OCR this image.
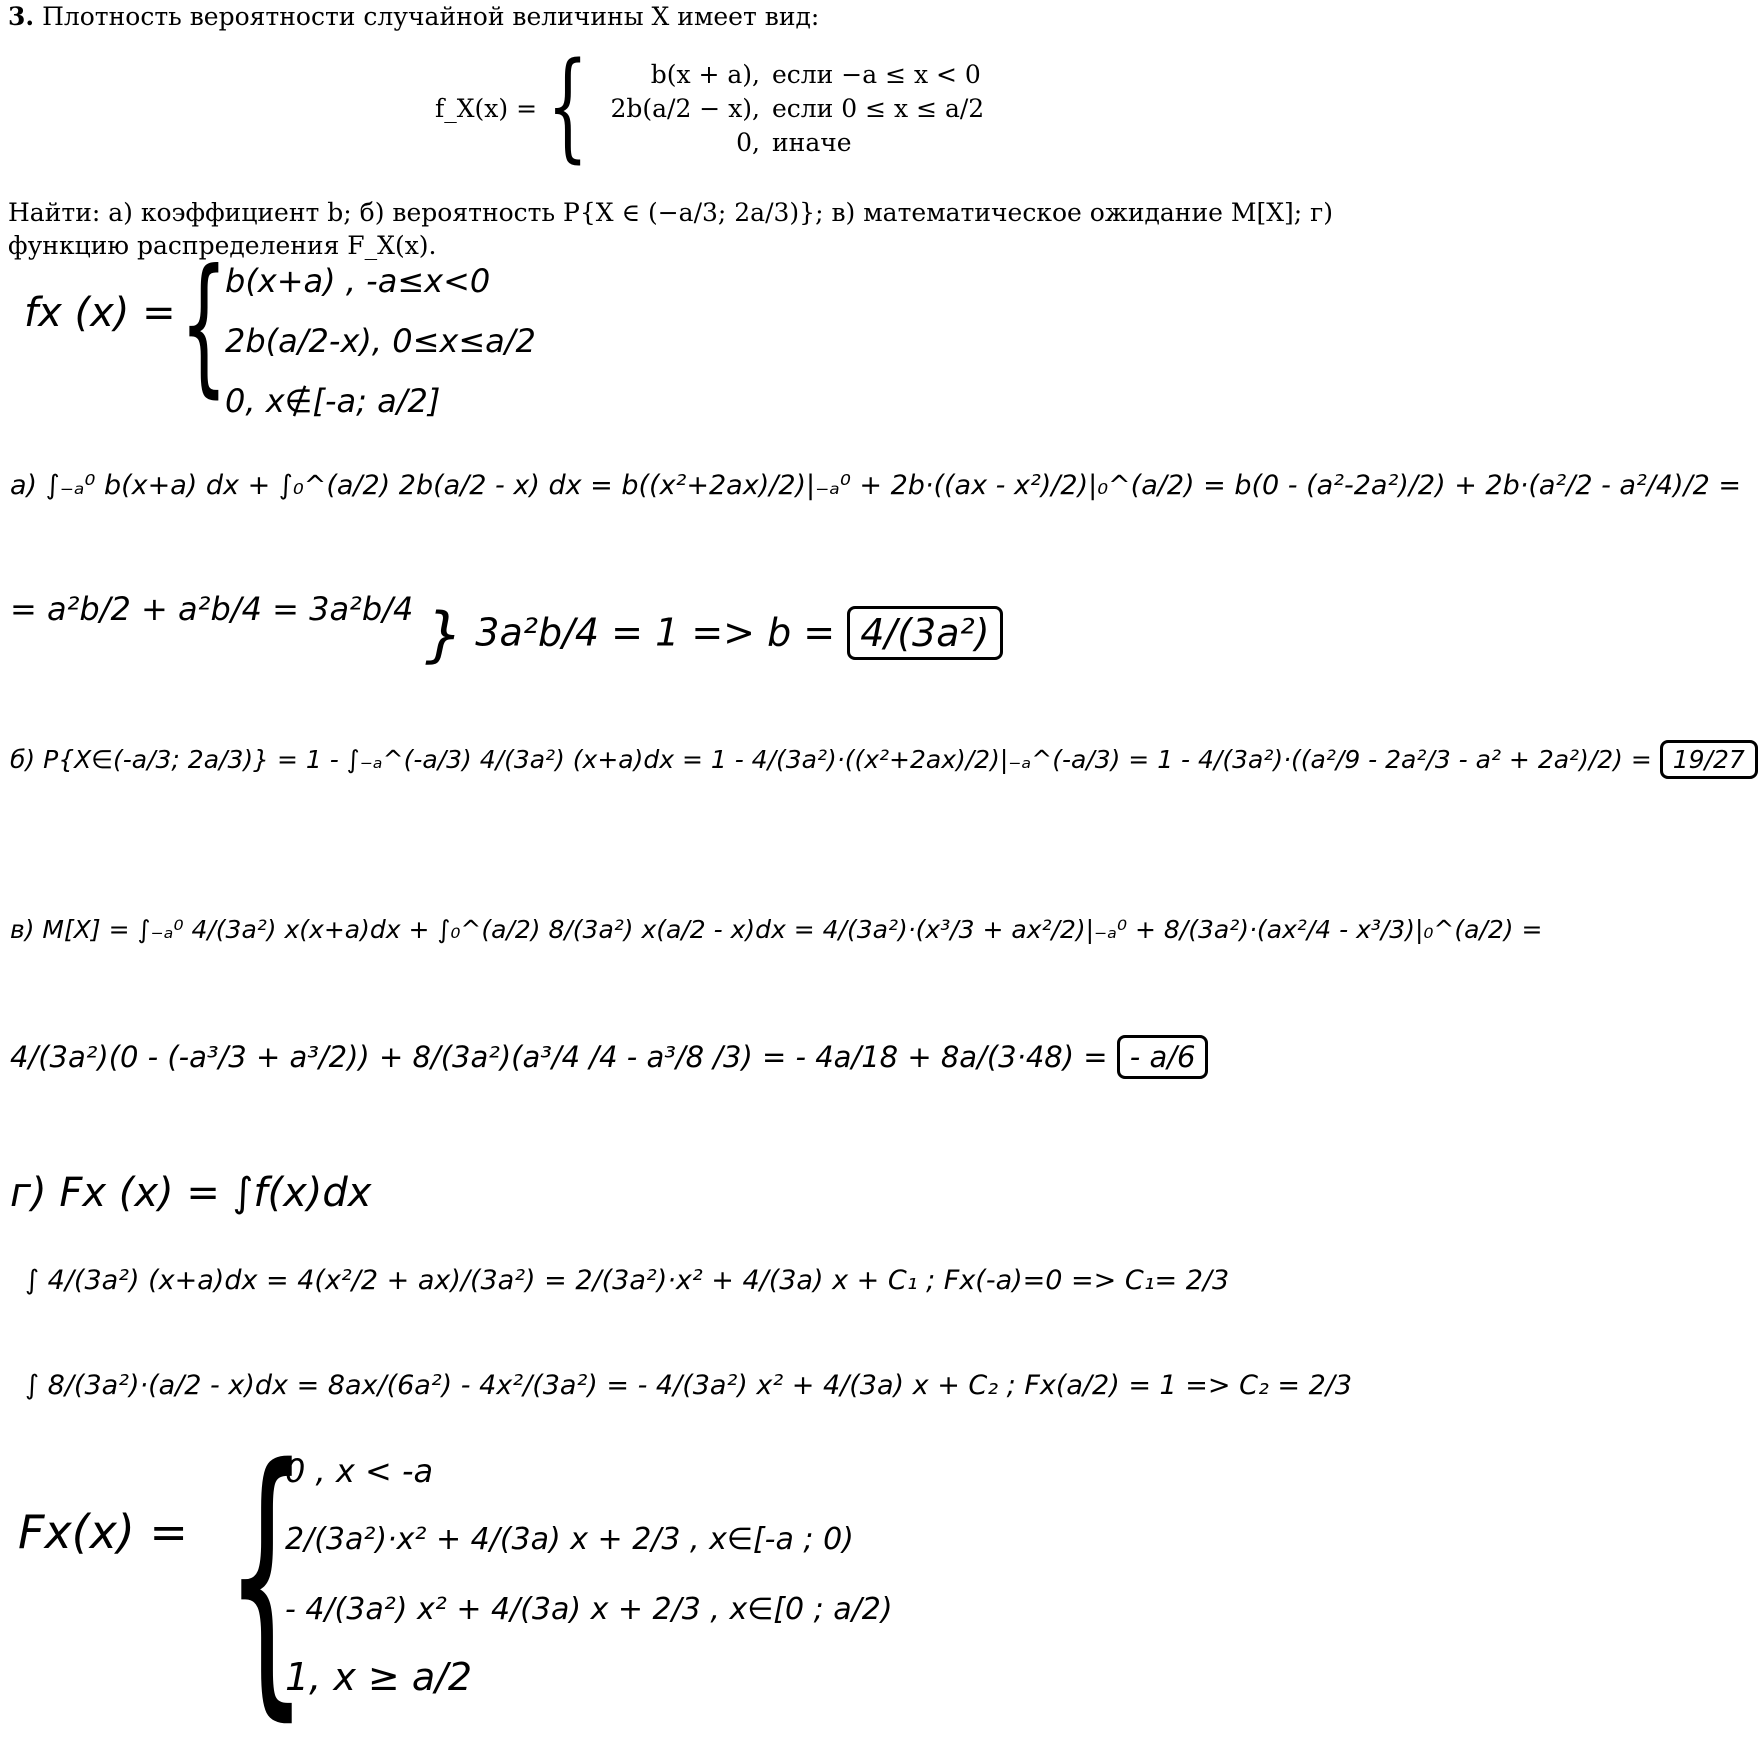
3. Плотность вероятности случайной величины X имеет вид:
f_X(x) = {	b(x + a), если −a ≤ x < 0
2b(a/2 − x), если 0 ≤ x ≤ a/2
0, иначе
Найти: а) коэффициент b; б) вероятность P{X ∈ (−a/3; 2a/3)}; в) математическое ожидание M[X]; г) функцию распределения F_X(x).
fx (x) = {
b(x+a) , -a≤x<0
2b(a/2-x), 0≤x≤a/2
0, x∉[-a; a/2]
а) ∫₋ₐ⁰ b(x+a) dx + ∫₀^(a/2) 2b(a/2 - x) dx = b((x²+2ax)/2)|₋ₐ⁰ + 2b·((ax - x²)/2)|₀^(a/2) = b(0 - (a²-2a²)/2) + 2b·(a²/2 - a²/4)/2 =
= a²b/2 + a²b/4 = 3a²b/4 } 3a²b/4 = 1 => b = 4/(3a²)
б) P{X∈(-a/3; 2a/3)} = 1 - ∫₋ₐ^(-a/3) 4/(3a²) (x+a)dx = 1 - 4/(3a²)·((x²+2ax)/2)|₋ₐ^(-a/3) = 1 - 4/(3a²)·((a²/9 - 2a²/3 - a² + 2a²)/2) = 19/27
в) M[X] = ∫₋ₐ⁰ 4/(3a²) x(x+a)dx + ∫₀^(a/2) 8/(3a²) x(a/2 - x)dx = 4/(3a²)·(x³/3 + ax²/2)|₋ₐ⁰ + 8/(3a²)·(ax²/4 - x³/3)|₀^(a/2) =
4/(3a²)(0 - (-a³/3 + a³/2)) + 8/(3a²)(a³/4 /4 - a³/8 /3) = - 4a/18 + 8a/(3·48) = - a/6
г) Fx (x) = ∫f(x)dx
∫ 4/(3a²) (x+a)dx = 4(x²/2 + ax)/(3a²) = 2/(3a²)·x² + 4/(3a) x + C₁ ; Fx(-a)=0 => C₁= 2/3
∫ 8/(3a²)·(a/2 - x)dx = 8ax/(6a²) - 4x²/(3a²) = - 4/(3a²) x² + 4/(3a) x + C₂ ; Fx(a/2) = 1 => C₂ = 2/3
Fx(x) = {
0 , x < -a
2/(3a²)·x² + 4/(3a) x + 2/3 , x∈[-a ; 0)
- 4/(3a²) x² + 4/(3a) x + 2/3 , x∈[0 ; a/2)
1, x ≥ a/2
